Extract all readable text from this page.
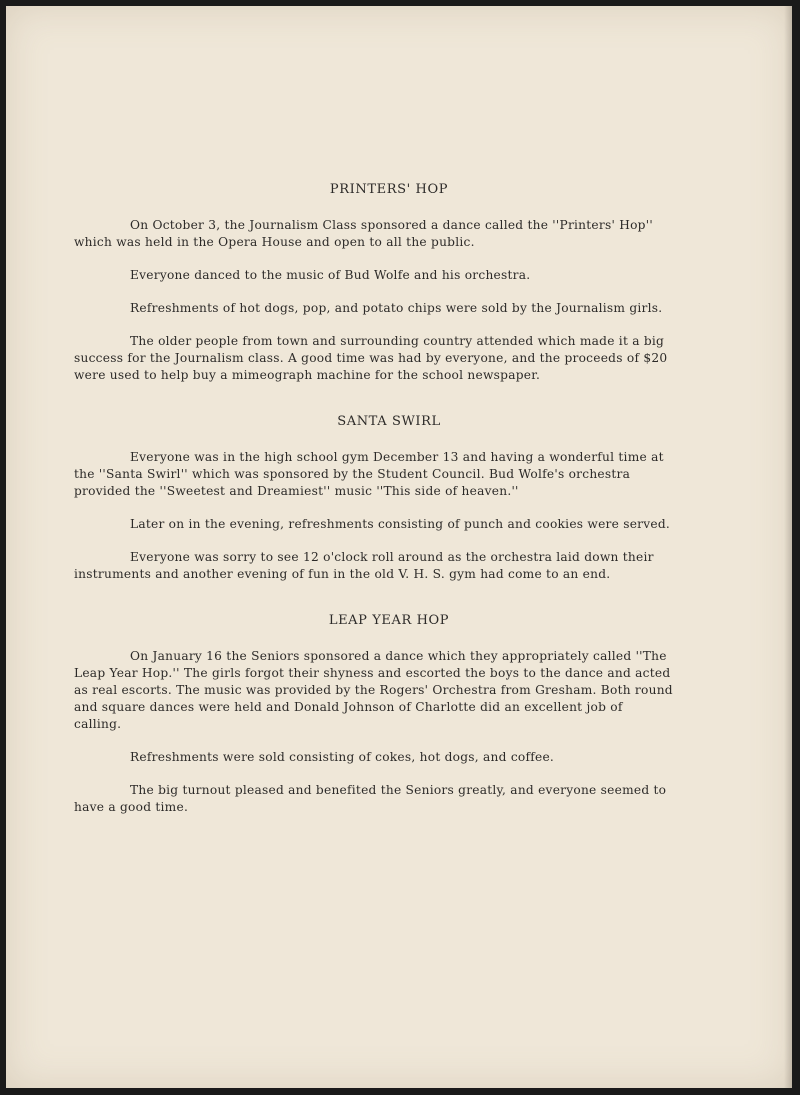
PRINTERS' HOP

On October 3, the Journalism Class sponsored a dance called the ''Printers' Hop'' which was held in the Opera House and open to all the public.

Everyone danced to the music of Bud Wolfe and his orchestra.

Refreshments of hot dogs, pop, and potato chips were sold by the Journalism girls.

The older people from town and surrounding country attended which made it a big success for the Journalism class. A good time was had by everyone, and the proceeds of $20 were used to help buy a mimeograph machine for the school newspaper.

SANTA SWIRL

Everyone was in the high school gym December 13 and having a wonderful time at the ''Santa Swirl'' which was sponsored by the Student Council. Bud Wolfe's orchestra provided the ''Sweetest and Dreamiest'' music ''This side of heaven.''

Later on in the evening, refreshments consisting of punch and cookies were served.

Everyone was sorry to see 12 o'clock roll around as the orchestra laid down their instruments and another evening of fun in the old V. H. S. gym had come to an end.

LEAP YEAR HOP

On January 16 the Seniors sponsored a dance which they appropriately called ''The Leap Year Hop.'' The girls forgot their shyness and escorted the boys to the dance and acted as real escorts. The music was provided by the Rogers' Orchestra from Gresham. Both round and square dances were held and Donald Johnson of Charlotte did an excellent job of calling.

Refreshments were sold consisting of cokes, hot dogs, and coffee.

The big turnout pleased and benefited the Seniors greatly, and everyone seemed to have a good time.
